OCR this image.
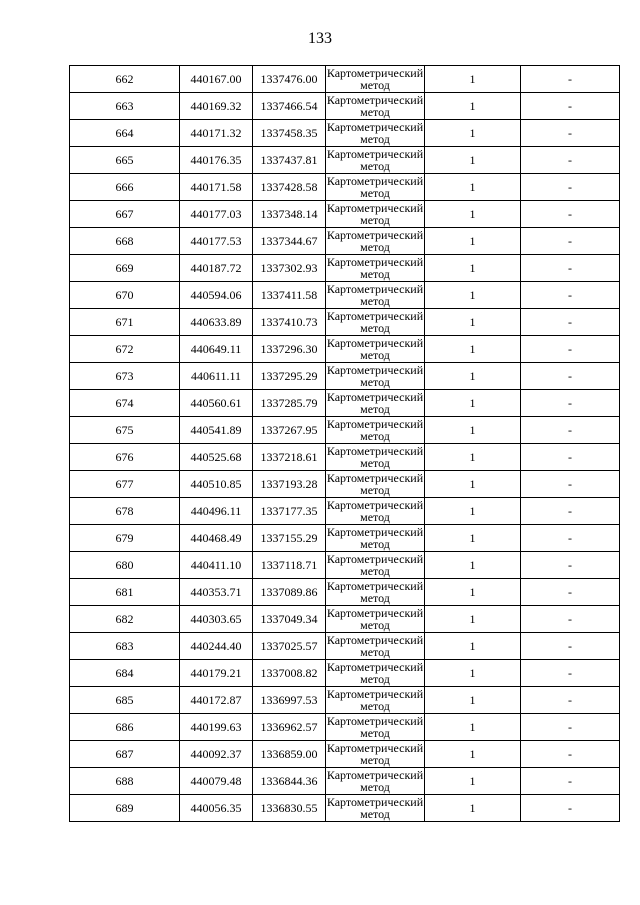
133
662	440167.00	1337476.00	Картометрический
метод	1	-
663	440169.32	1337466.54	Картометрический
метод	1	-
664	440171.32	1337458.35	Картометрический
метод	1	-
665	440176.35	1337437.81	Картометрический
метод	1	-
666	440171.58	1337428.58	Картометрический
метод	1	-
667	440177.03	1337348.14	Картометрический
метод	1	-
668	440177.53	1337344.67	Картометрический
метод	1	-
669	440187.72	1337302.93	Картометрический
метод	1	-
670	440594.06	1337411.58	Картометрический
метод	1	-
671	440633.89	1337410.73	Картометрический
метод	1	-
672	440649.11	1337296.30	Картометрический
метод	1	-
673	440611.11	1337295.29	Картометрический
метод	1	-
674	440560.61	1337285.79	Картометрический
метод	1	-
675	440541.89	1337267.95	Картометрический
метод	1	-
676	440525.68	1337218.61	Картометрический
метод	1	-
677	440510.85	1337193.28	Картометрический
метод	1	-
678	440496.11	1337177.35	Картометрический
метод	1	-
679	440468.49	1337155.29	Картометрический
метод	1	-
680	440411.10	1337118.71	Картометрический
метод	1	-
681	440353.71	1337089.86	Картометрический
метод	1	-
682	440303.65	1337049.34	Картометрический
метод	1	-
683	440244.40	1337025.57	Картометрический
метод	1	-
684	440179.21	1337008.82	Картометрический
метод	1	-
685	440172.87	1336997.53	Картометрический
метод	1	-
686	440199.63	1336962.57	Картометрический
метод	1	-
687	440092.37	1336859.00	Картометрический
метод	1	-
688	440079.48	1336844.36	Картометрический
метод	1	-
689	440056.35	1336830.55	Картометрический
метод	1	-
